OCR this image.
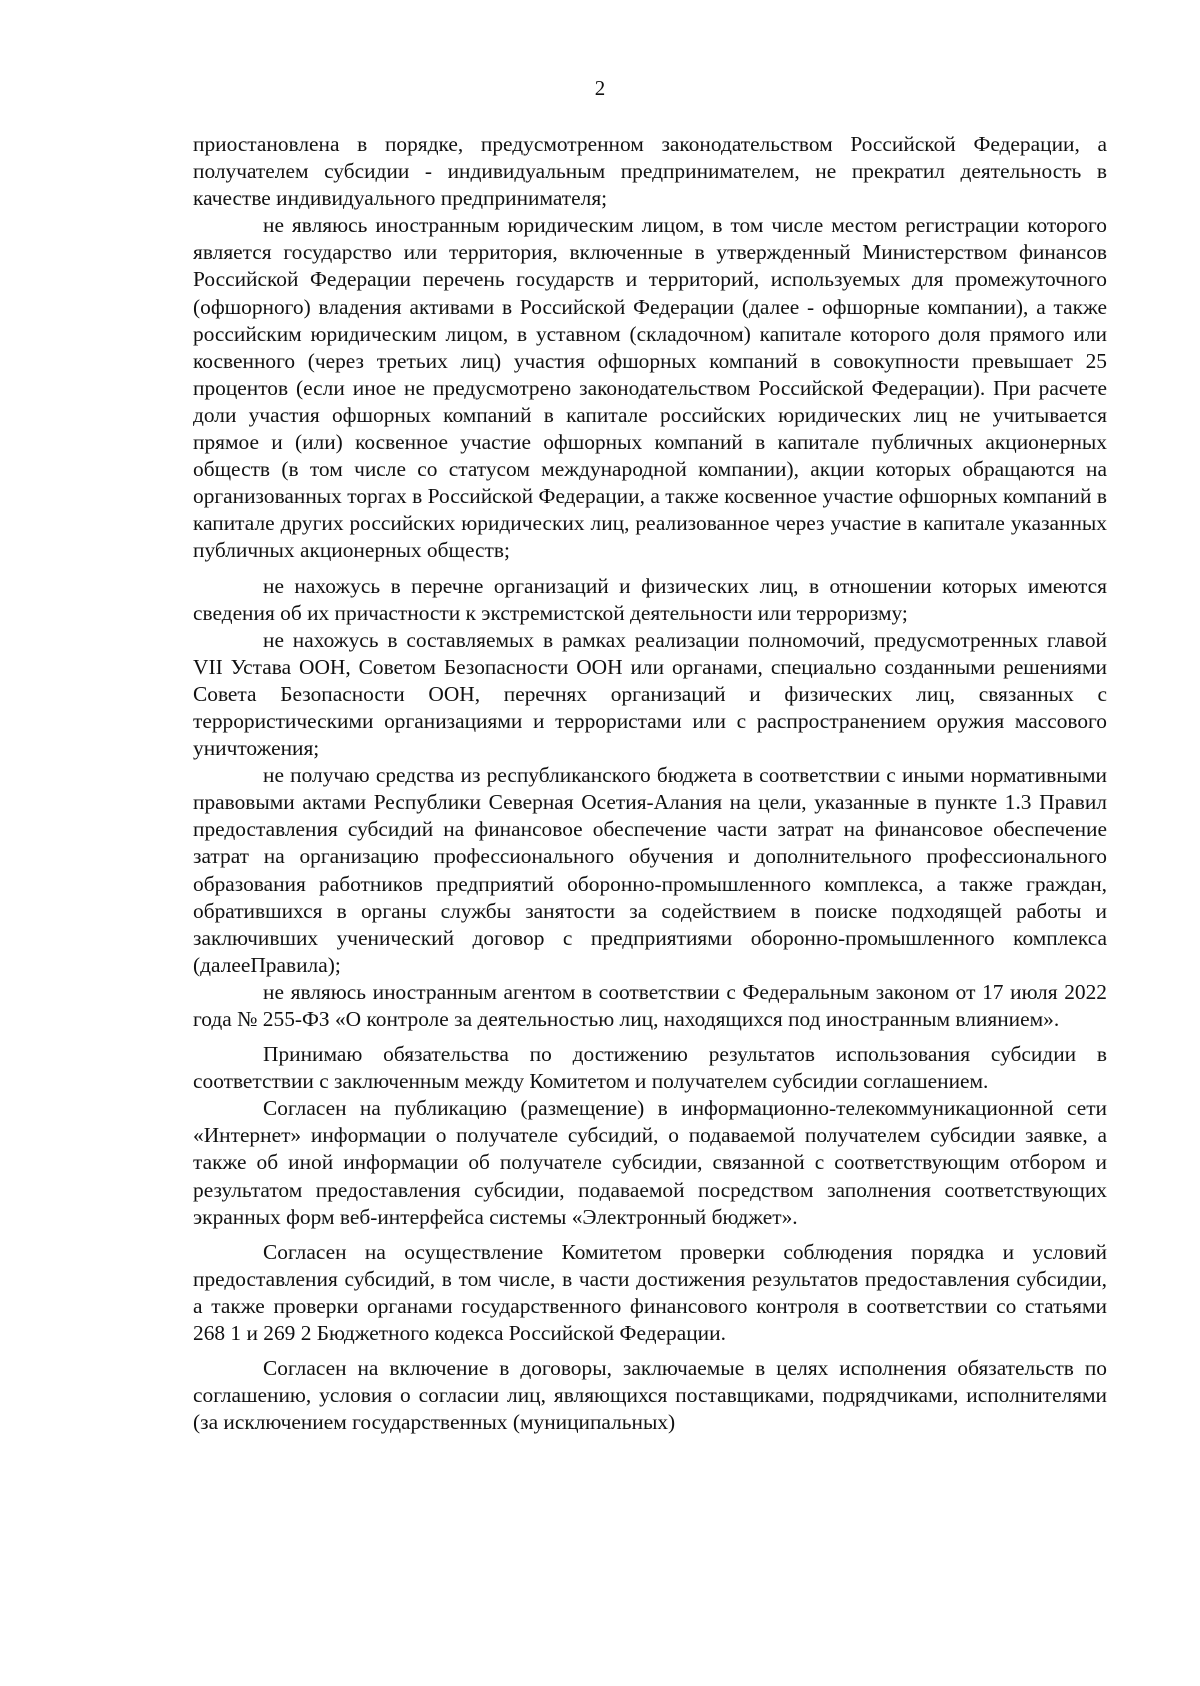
2

приостановлена в порядке, предусмотренном законодательством Российской Федерации, а получателем субсидии - индивидуальным предпринимателем, не прекратил деятельность в качестве индивидуального предпринимателя;

не являюсь иностранным юридическим лицом, в том числе местом регистрации которого является государство или территория, включенные в утвержденный Министерством финансов Российской Федерации перечень государств и территорий, используемых для промежуточного (офшорного) владения активами в Российской Федерации (далее - офшорные компании), а также российским юридическим лицом, в уставном (складочном) капитале которого доля прямого или косвенного (через третьих лиц) участия офшорных компаний в совокупности превышает 25 процентов (если иное не предусмотрено законодательством Российской Федерации). При расчете доли участия офшорных компаний в капитале российских юридических лиц не учитывается прямое и (или) косвенное участие офшорных компаний в капитале публичных акционерных обществ (в том числе со статусом международной компании), акции которых обращаются на организованных торгах в Российской Федерации, а также косвенное участие офшорных компаний в капитале других российских юридических лиц, реализованное через участие в капитале указанных публичных акционерных обществ;

не нахожусь в перечне организаций и физических лиц, в отношении которых имеются сведения об их причастности к экстремистской деятельности или терроризму;

не нахожусь в составляемых в рамках реализации полномочий, предусмотренных главой VII Устава ООН, Советом Безопасности ООН или органами, специально созданными решениями Совета Безопасности ООН, перечнях организаций и физических лиц, связанных с террористическими организациями и террористами или с распространением оружия массового уничтожения;

не получаю средства из республиканского бюджета в соответствии с иными нормативными правовыми актами Республики Северная Осетия-Алания на цели, указанные в пункте 1.3 Правил предоставления субсидий на финансовое обеспечение части затрат на финансовое обеспечение затрат на организацию профессионального обучения и дополнительного профессионального образования работников предприятий оборонно-промышленного комплекса, а также граждан, обратившихся в органы службы занятости за содействием в поиске подходящей работы и заключивших ученический договор с предприятиями оборонно-промышленного комплекса (далееПравила);

не являюсь иностранным агентом в соответствии с Федеральным законом от 17 июля 2022 года № 255-ФЗ «О контроле за деятельностью лиц, находящихся под иностранным влиянием».

Принимаю обязательства по достижению результатов использования субсидии в соответствии с заключенным между Комитетом и получателем субсидии соглашением.

Согласен на публикацию (размещение) в информационно-телекоммуникационной сети «Интернет» информации о получателе субсидий, о подаваемой получателем субсидии заявке, а также об иной информации об получателе субсидии, связанной с соответствующим отбором и результатом предоставления субсидии, подаваемой посредством заполнения соответствующих экранных форм веб-интерфейса системы «Электронный бюджет».

Согласен на осуществление Комитетом проверки соблюдения порядка и условий предоставления субсидий, в том числе, в части достижения результатов предоставления субсидии, а также проверки органами государственного финансового контроля в соответствии со статьями 268 1 и 269 2 Бюджетного кодекса Российской Федерации.

Согласен на включение в договоры, заключаемые в целях исполнения обязательств по соглашению, условия о согласии лиц, являющихся поставщиками, подрядчиками, исполнителями (за исключением государственных (муниципальных)
